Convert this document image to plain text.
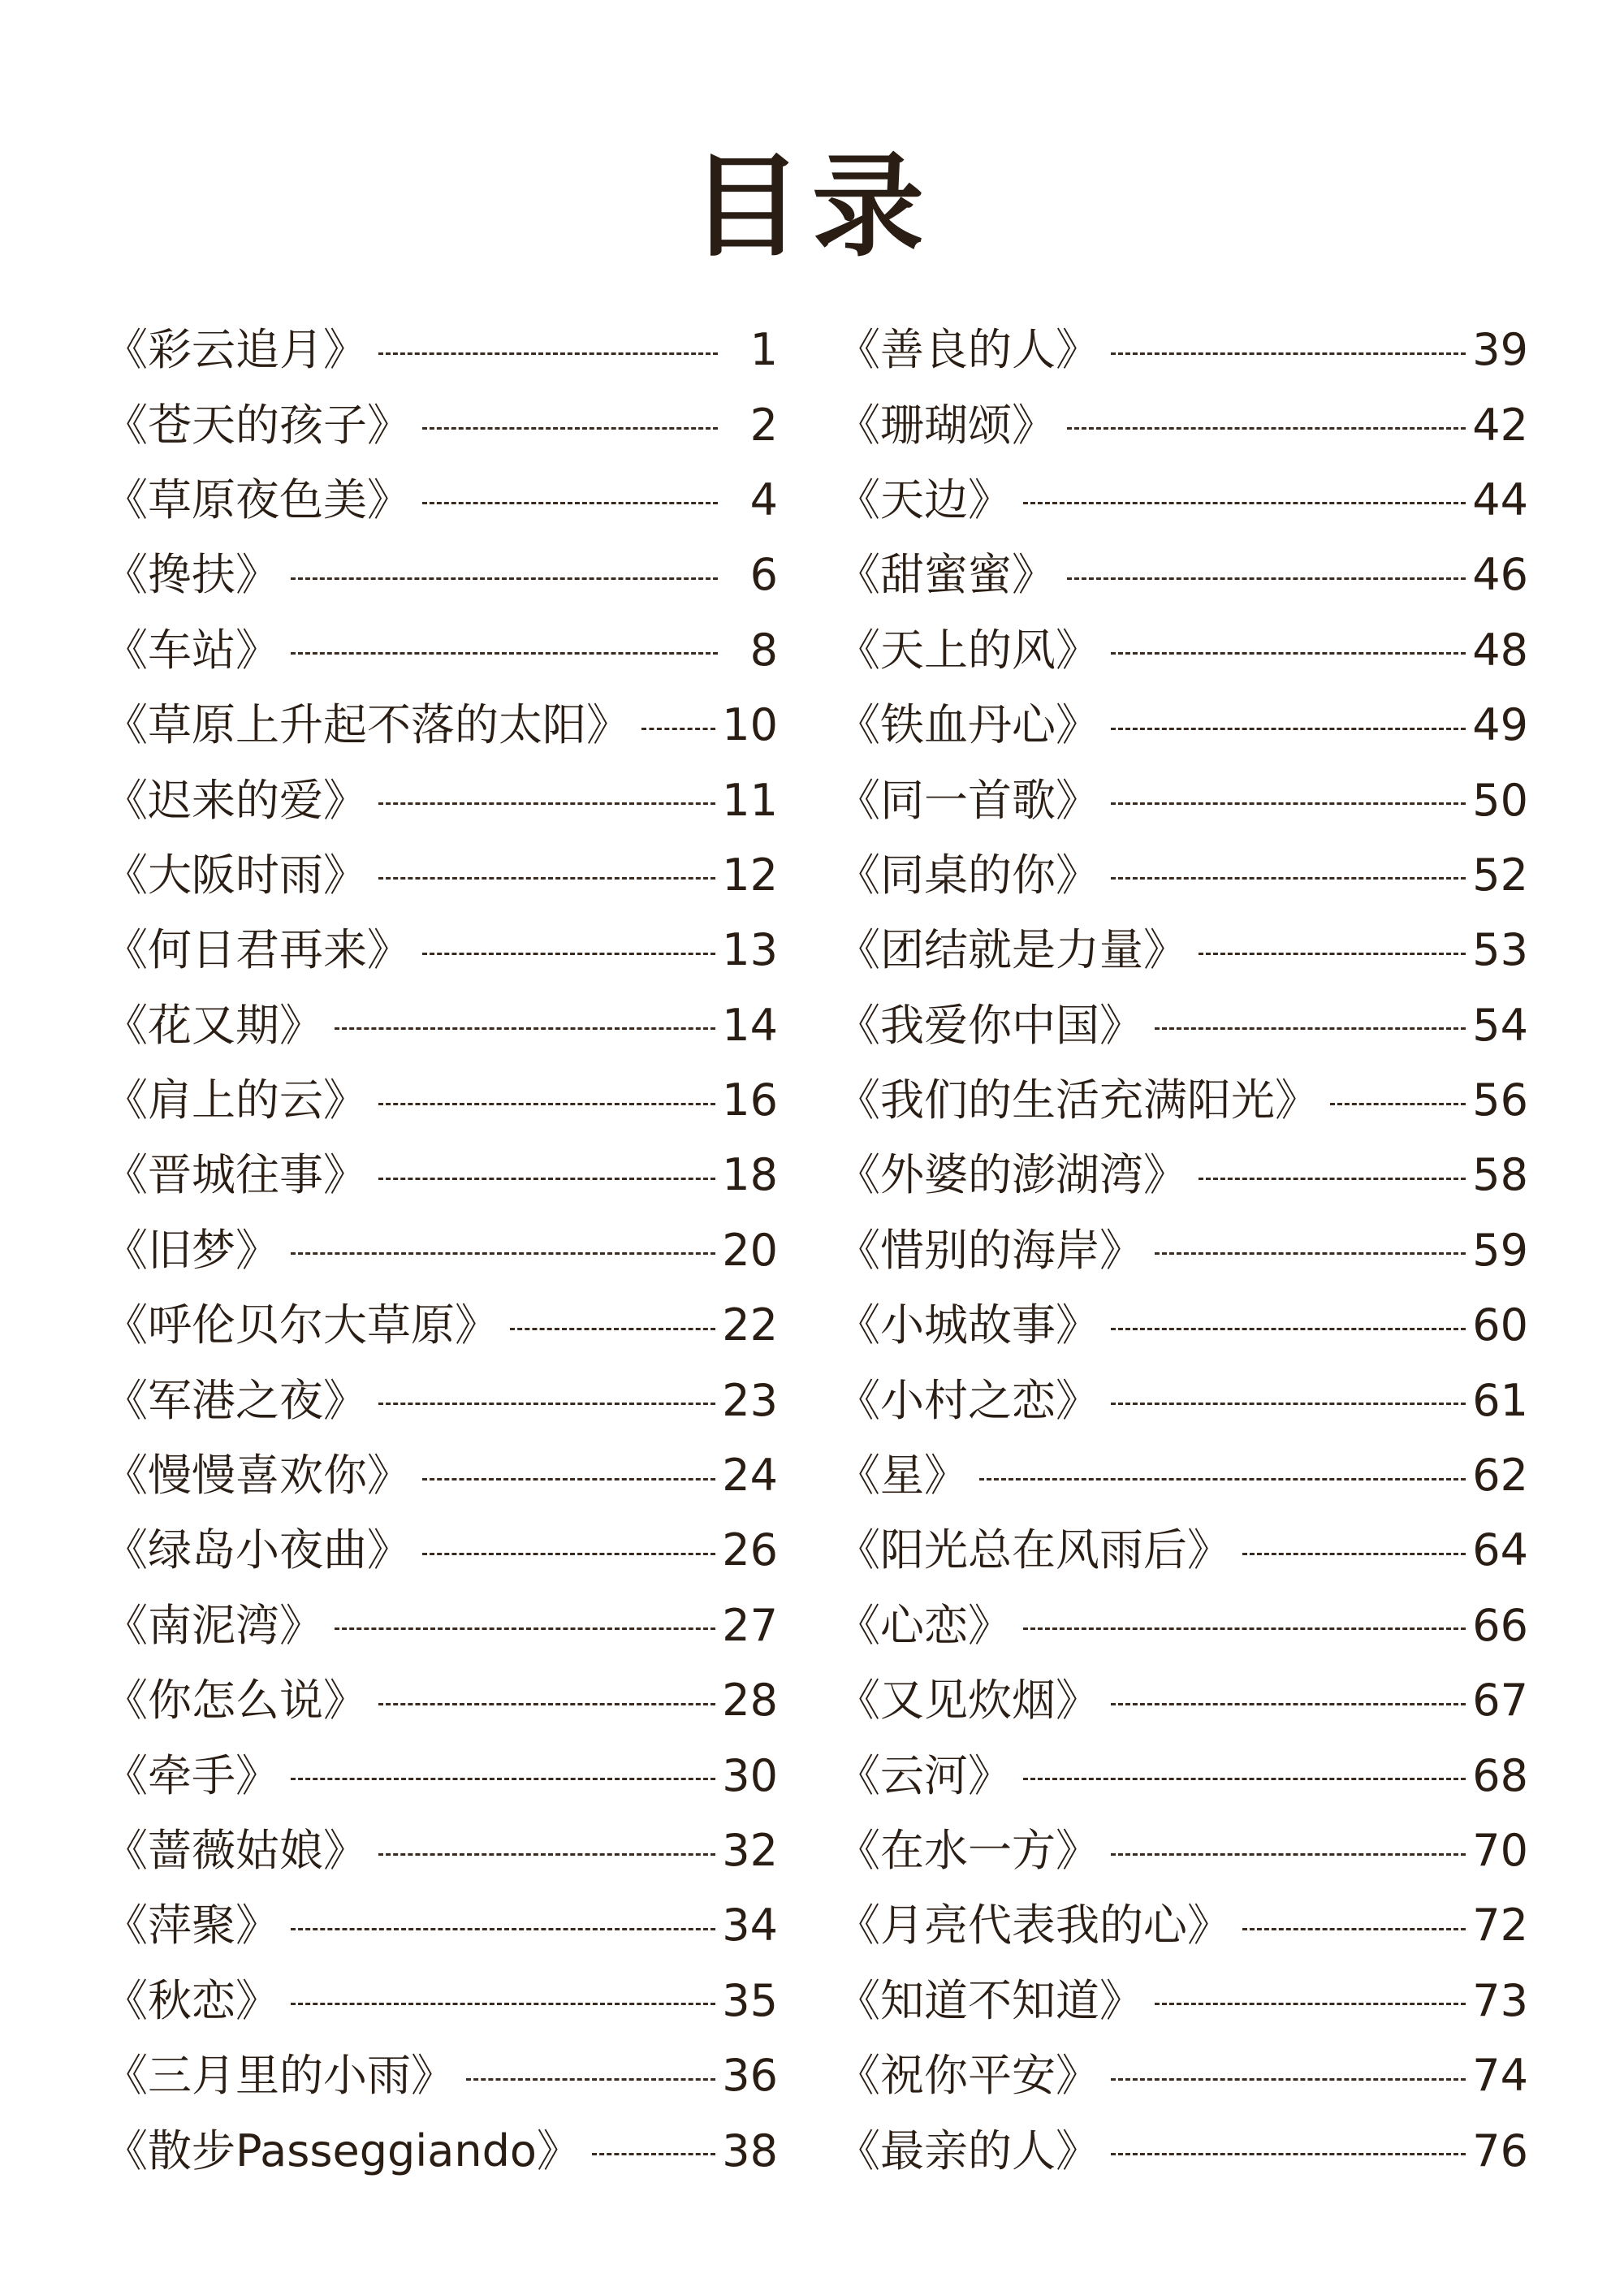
目录
《彩云追月》	1
《苍天的孩子》	2
《草原夜色美》	4
《搀扶》	6
《车站》	8
《草原上升起不落的太阳》 10
《迟来的爱》	11
《大阪时雨》	12
《何日君再来》	13
《花又期》	14
《肩上的云》	16
《晋城往事》	18
《旧梦》	20
《呼伦贝尔大草原》	22
《军港之夜》	23
《慢慢喜欢你》	24
《绿岛小夜曲》	26
《南泥湾》	27
《你怎么说》	28
《牵手》	30
《蔷薇姑娘》	32
《萍聚》	34
《秋恋》	35
《三月里的小雨》	36
《散步Passeggiando》	38
《善良的人》	39
《珊瑚颂》	42
《天边》	44
《甜蜜蜜》	46
《天上的风》	48
《铁血丹心》	49
《同一首歌》	50
《同桌的你》	52
《团结就是力量》	53
《我爱你中国》	54
《我们的生活充满阳光》	56
《外婆的澎湖湾》	58
《惜别的海岸》	59
《小城故事》	60
《小村之恋》	61
《星》	62
《阳光总在风雨后》	64
《心恋》	66
《又见炊烟》	67
《云河》	68
《在水一方》	70
《月亮代表我的心》	72
《知道不知道》	73
《祝你平安》	74
《最亲的人》	76
